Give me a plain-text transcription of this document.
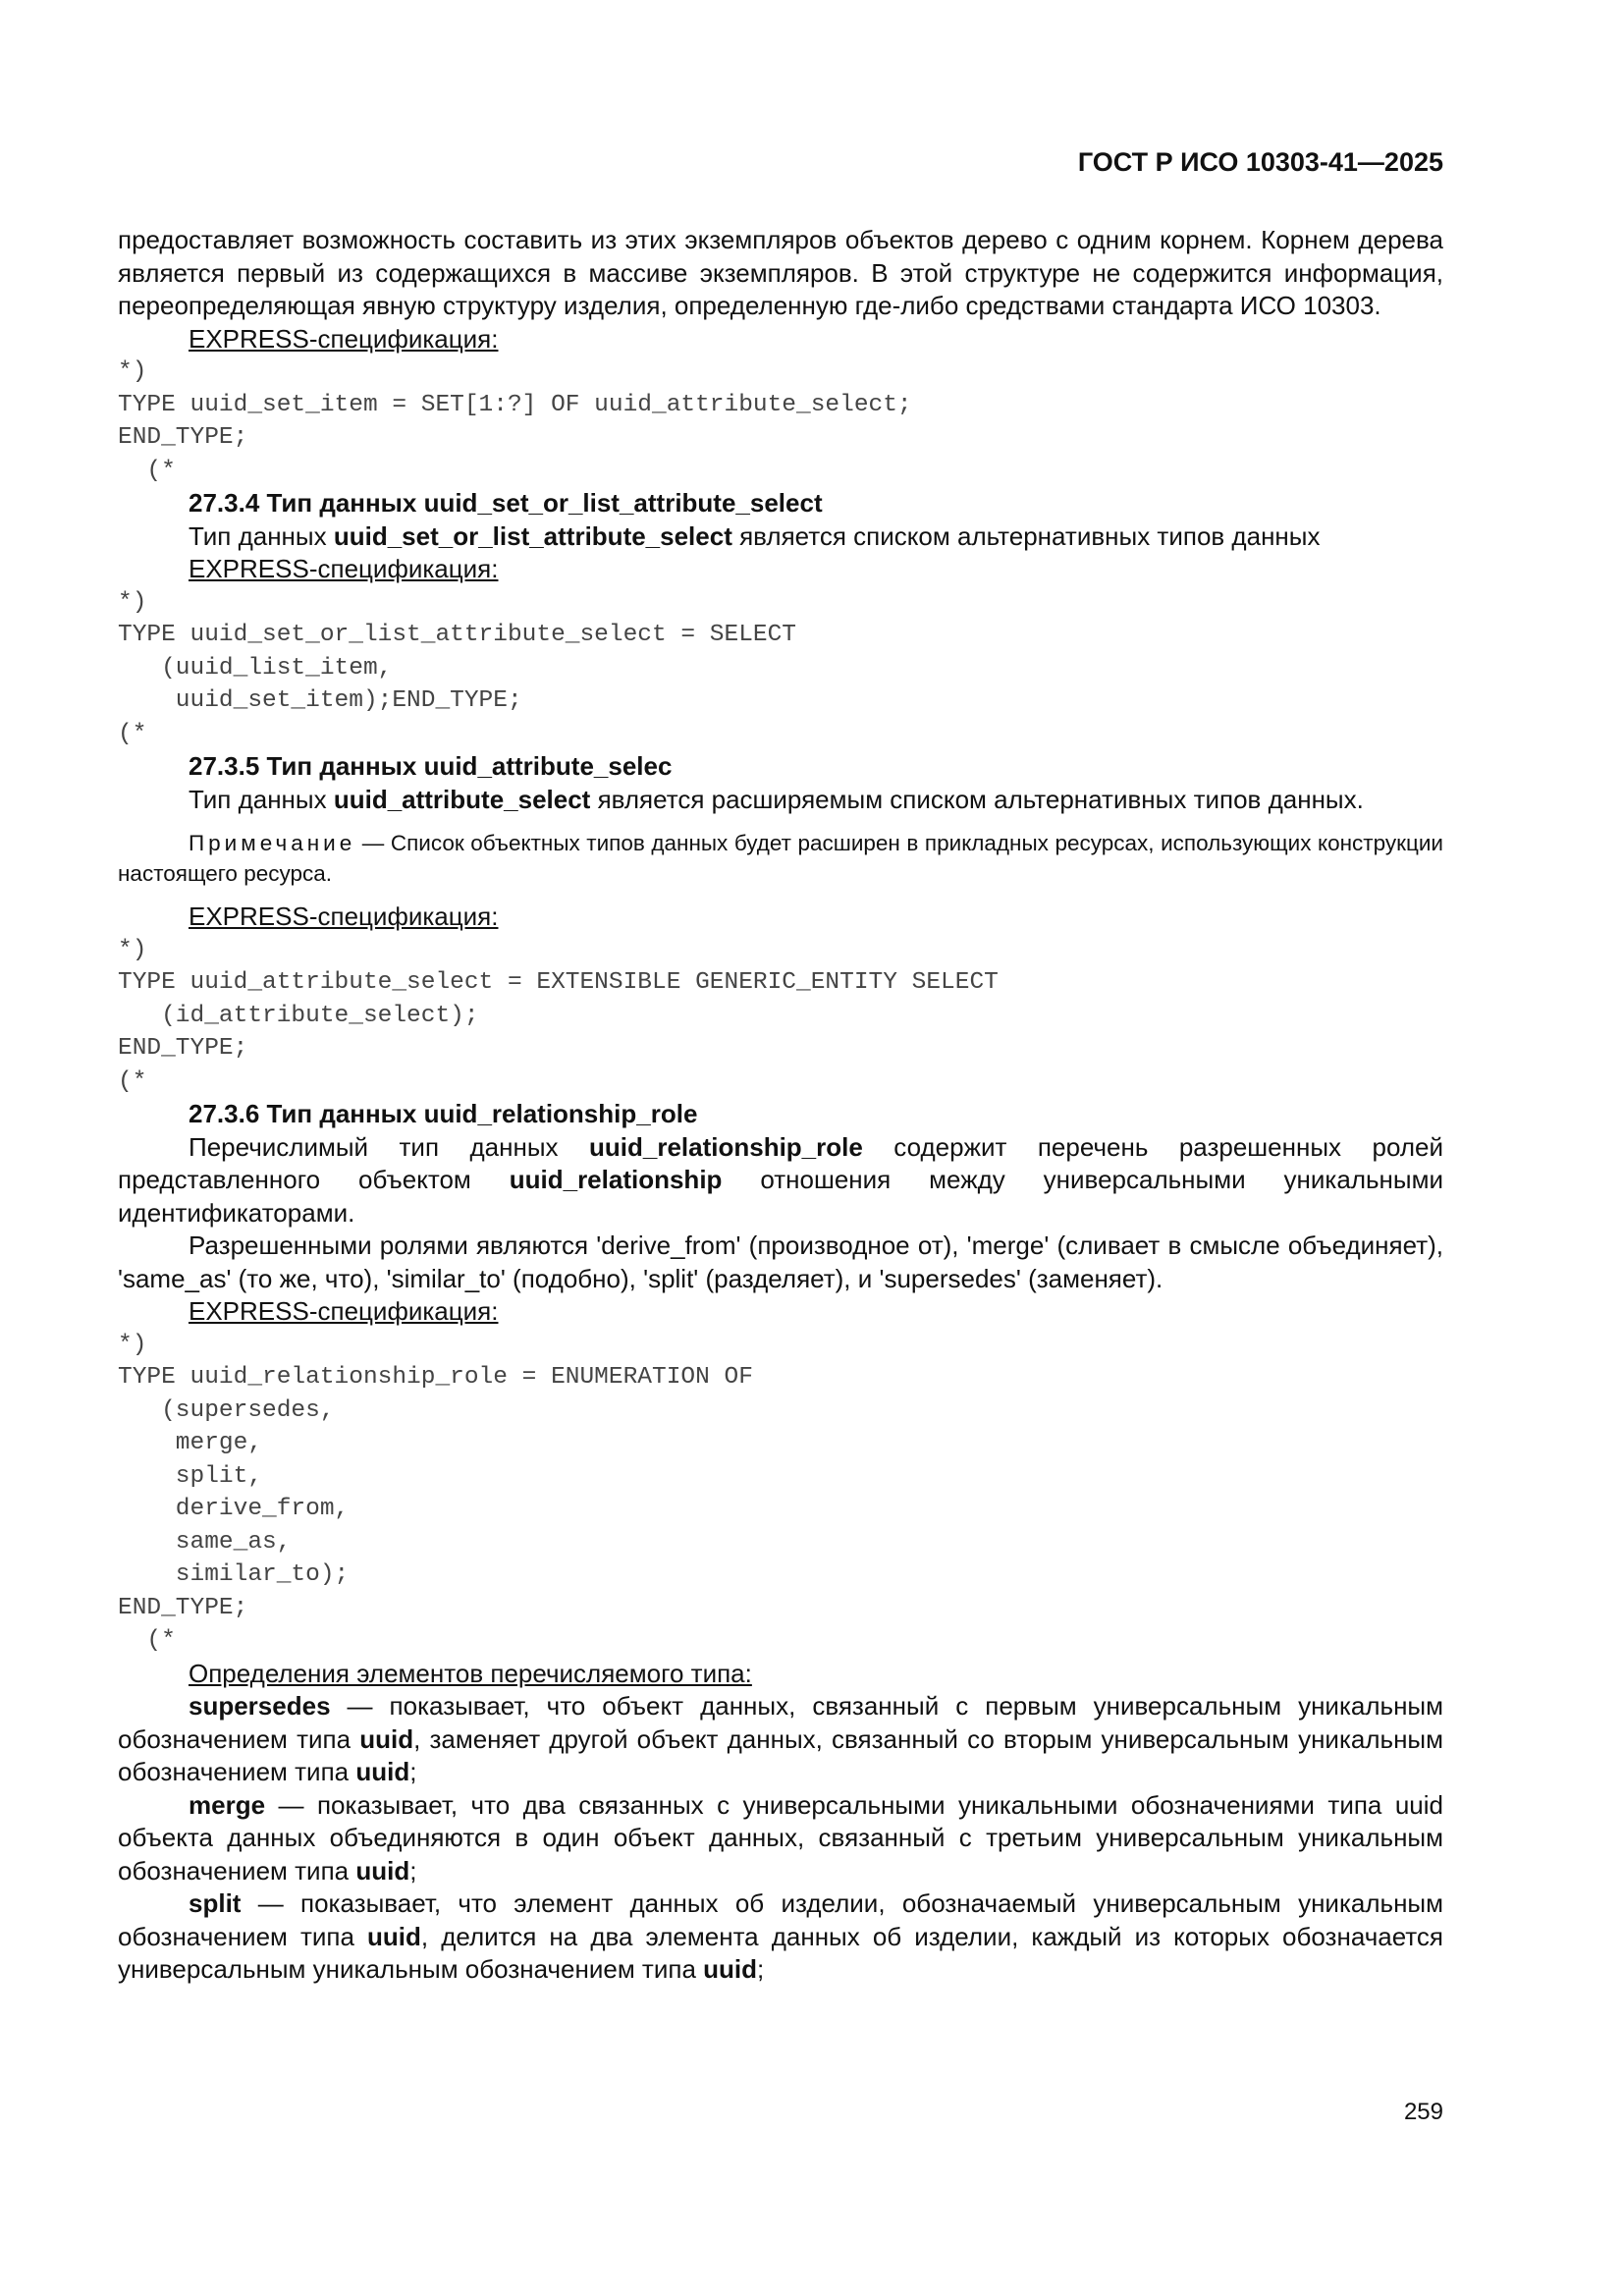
ГОСТ Р ИСО 10303-41—2025

предоставляет возможность составить из этих экземпляров объектов дерево с одним корнем. Корнем дерева является первый из содержащихся в массиве экземпляров. В этой структуре не содержится информация, переопределяющая явную структуру изделия, определенную где-либо средствами стандарта ИСО 10303.

EXPRESS-спецификация:

*)
TYPE uuid_set_item = SET[1:?] OF uuid_attribute_select;
END_TYPE;
(*

27.3.4 Тип данных uuid_set_or_list_attribute_select

Тип данных uuid_set_or_list_attribute_select является списком альтернативных типов данных

EXPRESS-спецификация:

*)
TYPE uuid_set_or_list_attribute_select = SELECT
(uuid_list_item,
uuid_set_item);END_TYPE;
(*

27.3.5 Тип данных uuid_attribute_selec

Тип данных uuid_attribute_select является расширяемым списком альтернативных типов данных.

Примечание — Список объектных типов данных будет расширен в прикладных ресурсах, использующих конструкции настоящего ресурса.

EXPRESS-спецификация:

*)
TYPE uuid_attribute_select = EXTENSIBLE GENERIC_ENTITY SELECT
(id_attribute_select);
END_TYPE;
(*

27.3.6 Тип данных uuid_relationship_role

Перечислимый тип данных uuid_relationship_role содержит перечень разрешенных ролей представленного объектом uuid_relationship отношения между универсальными уникальными идентификаторами.

Разрешенными ролями являются 'derive_from' (производное от), 'merge' (сливает в смысле объединяет), 'same_as' (то же, что), 'similar_to' (подобно), 'split' (разделяет), и 'supersedes' (заменяет).

EXPRESS-спецификация:

*)
TYPE uuid_relationship_role = ENUMERATION OF
(supersedes,
merge,
split,
derive_from,
same_as,
similar_to);
END_TYPE;
(*

Определения элементов перечисляемого типа:

supersedes — показывает, что объект данных, связанный с первым универсальным уникальным обозначением типа uuid, заменяет другой объект данных, связанный со вторым универсальным уникальным обозначением типа uuid;

merge — показывает, что два связанных с универсальными уникальными обозначениями типа uuid объекта данных объединяются в один объект данных, связанный с третьим универсальным уникальным обозначением типа uuid;

split — показывает, что элемент данных об изделии, обозначаемый универсальным уникальным обозначением типа uuid, делится на два элемента данных об изделии, каждый из которых обозначается универсальным уникальным обозначением типа uuid;

259
